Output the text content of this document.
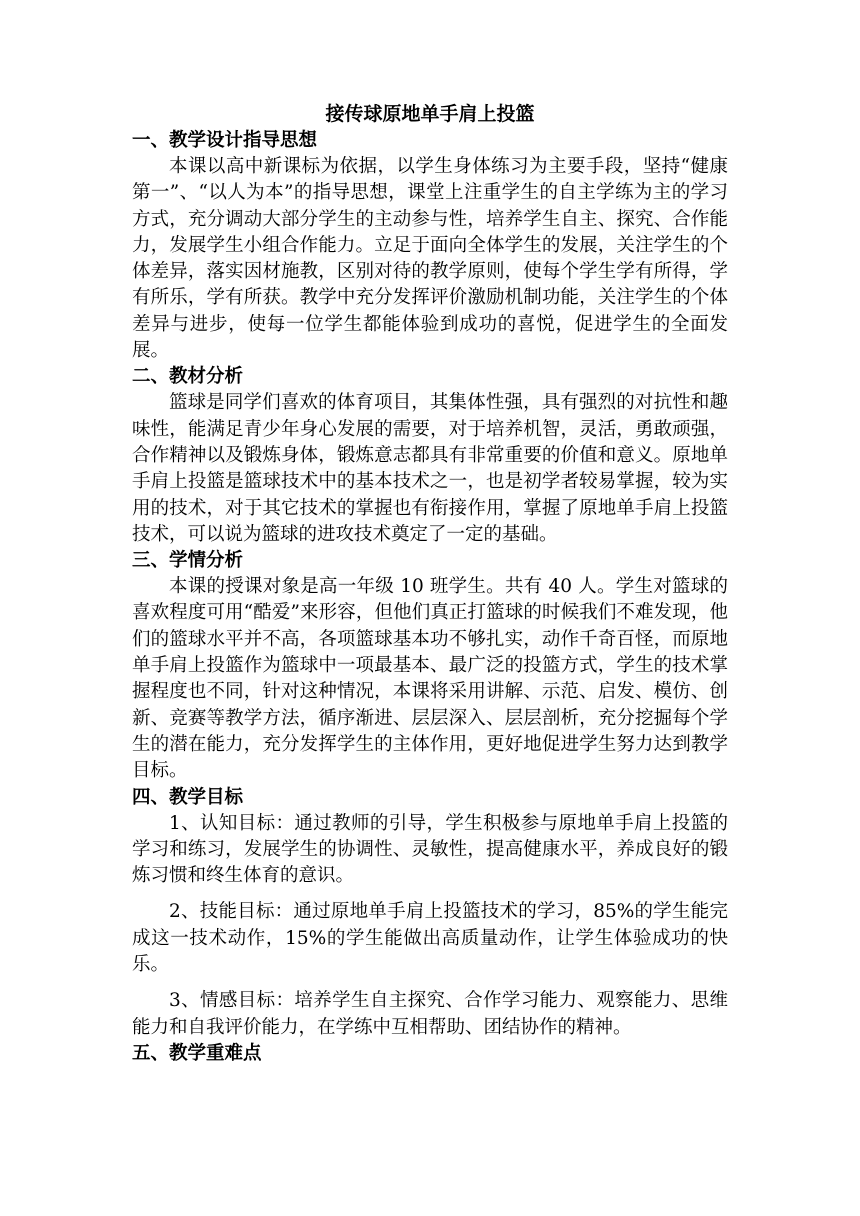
接传球原地单手肩上投篮
一、教学设计指导思想

本课以高中新课标为依据，以学生身体练习为主要手段，坚持“健康第一”、“以人为本”的指导思想，课堂上注重学生的自主学练为主的学习方式，充分调动大部分学生的主动参与性，培养学生自主、探究、合作能力，发展学生小组合作能力。立足于面向全体学生的发展，关注学生的个体差异，落实因材施教，区别对待的教学原则，使每个学生学有所得，学有所乐，学有所获。教学中充分发挥评价激励机制功能，关注学生的个体差异与进步，使每一位学生都能体验到成功的喜悦，促进学生的全面发展。

二、教材分析

篮球是同学们喜欢的体育项目，其集体性强，具有强烈的对抗性和趣味性，能满足青少年身心发展的需要，对于培养机智，灵活，勇敢顽强，合作精神以及锻炼身体，锻炼意志都具有非常重要的价值和意义。原地单手肩上投篮是篮球技术中的基本技术之一，也是初学者较易掌握，较为实用的技术，对于其它技术的掌握也有衔接作用，掌握了原地单手肩上投篮技术，可以说为篮球的进攻技术奠定了一定的基础。

三、学情分析

本课的授课对象是高一年级 10 班学生。共有 40 人。学生对篮球的喜欢程度可用“酷爱”来形容，但他们真正打篮球的时候我们不难发现，他们的篮球水平并不高，各项篮球基本功不够扎实，动作千奇百怪，而原地单手肩上投篮作为篮球中一项最基本、最广泛的投篮方式，学生的技术掌握程度也不同，针对这种情况，本课将采用讲解、示范、启发、模仿、创新、竞赛等教学方法，循序渐进、层层深入、层层剖析，充分挖掘每个学生的潜在能力，充分发挥学生的主体作用，更好地促进学生努力达到教学目标。

四、教学目标

1、认知目标：通过教师的引导，学生积极参与原地单手肩上投篮的学习和练习，发展学生的协调性、灵敏性，提高健康水平，养成良好的锻炼习惯和终生体育的意识。

2、技能目标：通过原地单手肩上投篮技术的学习，85%的学生能完成这一技术动作，15%的学生能做出高质量动作，让学生体验成功的快乐。

3、情感目标：培养学生自主探究、合作学习能力、观察能力、思维能力和自我评价能力，在学练中互相帮助、团结协作的精神。

五、教学重难点
